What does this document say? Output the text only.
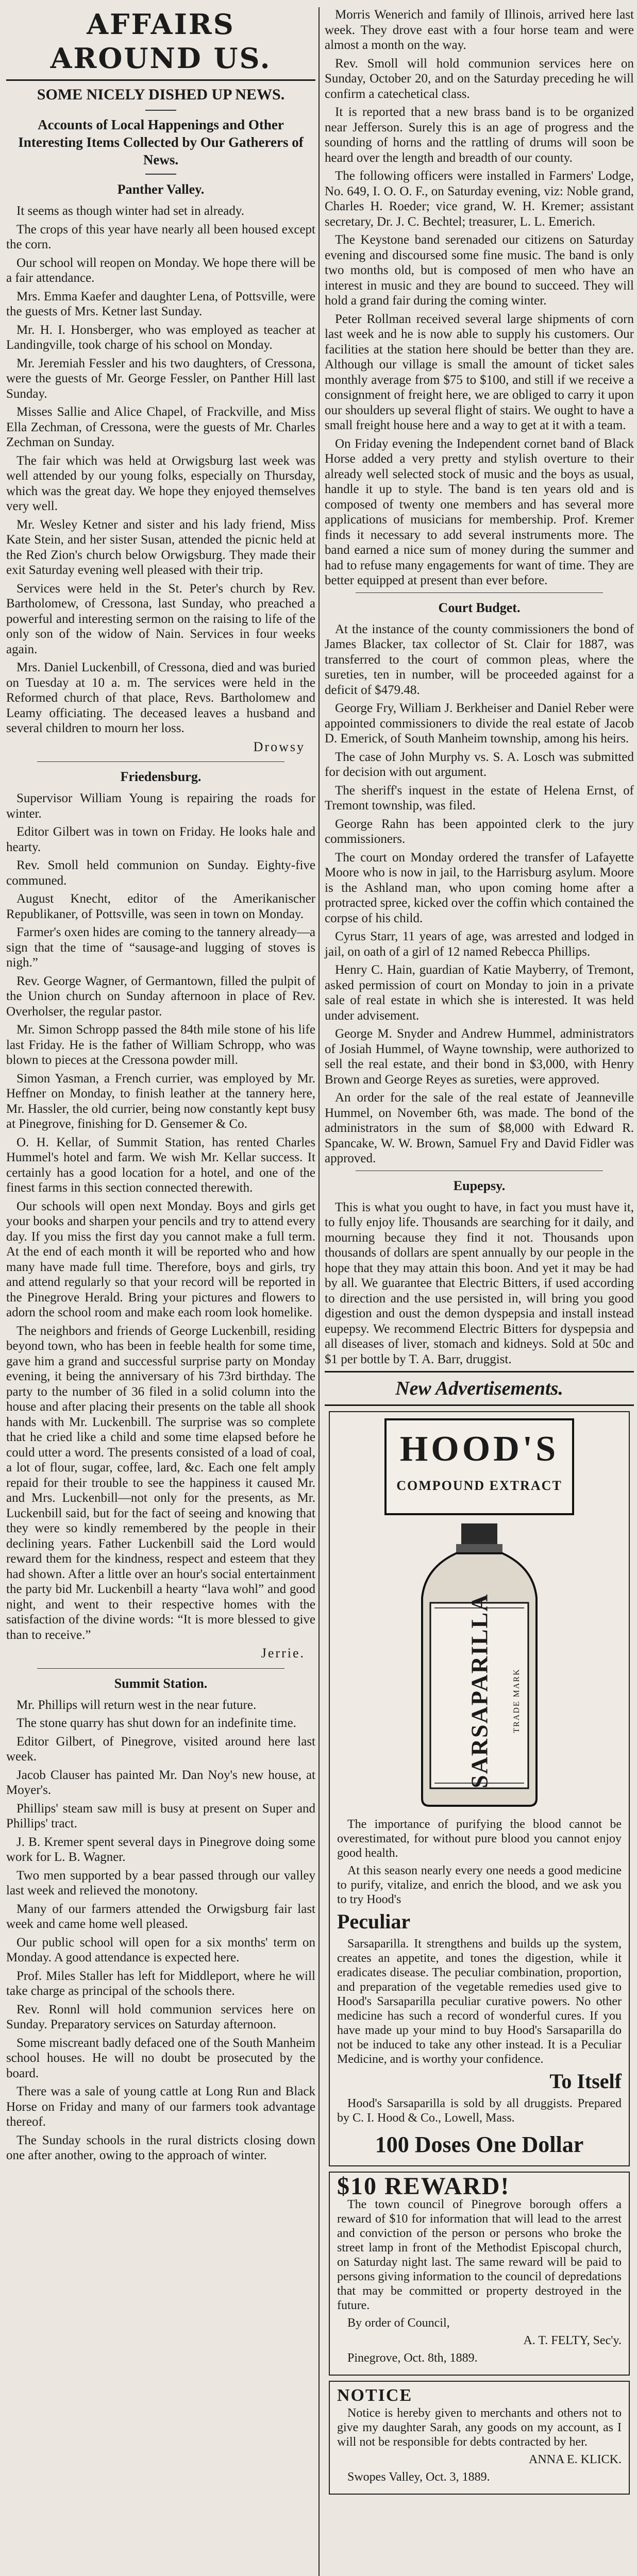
AFFAIRS AROUND US.

SOME NICELY DISHED UP NEWS.

Accounts of Local Happenings and Other Interesting Items Collected by Our Gatherers of News.

Panther Valley.

It seems as though winter had set in already.

The crops of this year have nearly all been housed except the corn.

Our school will reopen on Monday. We hope there will be a fair attendance.

Mrs. Emma Kaefer and daughter Lena, of Pottsville, were the guests of Mrs. Ketner last Sunday.

Mr. H. I. Honsberger, who was employed as teacher at Landingville, took charge of his school on Monday.

Mr. Jeremiah Fessler and his two daughters, of Cressona, were the guests of Mr. George Fessler, on Panther Hill last Sunday.

Misses Sallie and Alice Chapel, of Frackville, and Miss Ella Zechman, of Cressona, were the guests of Mr. Charles Zechman on Sunday.

The fair which was held at Orwigsburg last week was well attended by our young folks, especially on Thursday, which was the great day. We hope they enjoyed themselves very well.

Mr. Wesley Ketner and sister and his lady friend, Miss Kate Stein, and her sister Susan, attended the picnic held at the Red Zion's church below Orwigsburg. They made their exit Saturday evening well pleased with their trip.

Services were held in the St. Peter's church by Rev. Bartholomew, of Cressona, last Sunday, who preached a powerful and interesting sermon on the raising to life of the only son of the widow of Nain. Services in four weeks again.

Mrs. Daniel Luckenbill, of Cressona, died and was buried on Tuesday at 10 a. m. The services were held in the Reformed church of that place, Revs. Bartholomew and Leamy officiating. The deceased leaves a husband and several children to mourn her loss.

Drowsy

Friedensburg.

Supervisor William Young is repairing the roads for winter.

Editor Gilbert was in town on Friday. He looks hale and hearty.

Rev. Smoll held communion on Sunday. Eighty-five communed.

August Knecht, editor of the Amerikanischer Republikaner, of Pottsville, was seen in town on Monday.

Farmer's oxen hides are coming to the tannery already—a sign that the time of “sausage-and lugging of stoves is nigh.”

Rev. George Wagner, of Germantown, filled the pulpit of the Union church on Sunday afternoon in place of Rev. Overholser, the regular pastor.

Mr. Simon Schropp passed the 84th mile stone of his life last Friday. He is the father of William Schropp, who was blown to pieces at the Cressona powder mill.

Simon Yasman, a French currier, was employed by Mr. Heffner on Monday, to finish leather at the tannery here, Mr. Hassler, the old currier, being now constantly kept busy at Pinegrove, finishing for D. Gensemer & Co.

O. H. Kellar, of Summit Station, has rented Charles Hummel's hotel and farm. We wish Mr. Kellar success. It certainly has a good location for a hotel, and one of the finest farms in this section connected therewith.

Our schools will open next Monday. Boys and girls get your books and sharpen your pencils and try to attend every day. If you miss the first day you cannot make a full term. At the end of each month it will be reported who and how many have made full time. Therefore, boys and girls, try and attend regularly so that your record will be reported in the Pinegrove Herald. Bring your pictures and flowers to adorn the school room and make each room look homelike.

The neighbors and friends of George Luckenbill, residing beyond town, who has been in feeble health for some time, gave him a grand and successful surprise party on Monday evening, it being the anniversary of his 73rd birthday. The party to the number of 36 filed in a solid column into the house and after placing their presents on the table all shook hands with Mr. Luckenbill. The surprise was so complete that he cried like a child and some time elapsed before he could utter a word. The presents consisted of a load of coal, a lot of flour, sugar, coffee, lard, &c. Each one felt amply repaid for their trouble to see the happiness it caused Mr. and Mrs. Luckenbill—not only for the presents, as Mr. Luckenbill said, but for the fact of seeing and knowing that they were so kindly remembered by the people in their declining years. Father Luckenbill said the Lord would reward them for the kindness, respect and esteem that they had shown. After a little over an hour's social entertainment the party bid Mr. Luckenbill a hearty “lava wohl” and good night, and went to their respective homes with the satisfaction of the divine words: “It is more blessed to give than to receive.”

Jerrie.

Summit Station.

Mr. Phillips will return west in the near future.

The stone quarry has shut down for an indefinite time.

Editor Gilbert, of Pinegrove, visited around here last week.

Jacob Clauser has painted Mr. Dan Noy's new house, at Moyer's.

Phillips' steam saw mill is busy at present on Super and Phillips' tract.

J. B. Kremer spent several days in Pinegrove doing some work for L. B. Wagner.

Two men supported by a bear passed through our valley last week and relieved the monotony.

Many of our farmers attended the Orwigsburg fair last week and came home well pleased.

Our public school will open for a six months' term on Monday. A good attendance is expected here.

Prof. Miles Staller has left for Middleport, where he will take charge as principal of the schools there.

Rev. Ronnl will hold communion services here on Sunday. Preparatory services on Saturday afternoon.

Some miscreant badly defaced one of the South Manheim school houses. He will no doubt be prosecuted by the board.

There was a sale of young cattle at Long Run and Black Horse on Friday and many of our farmers took advantage thereof.

The Sunday schools in the rural districts closing down one after another, owing to the approach of winter.

Morris Wenerich and family of Illinois, arrived here last week. They drove east with a four horse team and were almost a month on the way.

Rev. Smoll will hold communion services here on Sunday, October 20, and on the Saturday preceding he will confirm a catechetical class.

It is reported that a new brass band is to be organized near Jefferson. Surely this is an age of progress and the sounding of horns and the rattling of drums will soon be heard over the length and breadth of our county.

The following officers were installed in Farmers' Lodge, No. 649, I. O. O. F., on Saturday evening, viz: Noble grand, Charles H. Roeder; vice grand, W. H. Kremer; assistant secretary, Dr. J. C. Bechtel; treasurer, L. L. Emerich.

The Keystone band serenaded our citizens on Saturday evening and discoursed some fine music. The band is only two months old, but is composed of men who have an interest in music and they are bound to succeed. They will hold a grand fair during the coming winter.

Peter Rollman received several large shipments of corn last week and he is now able to supply his customers. Our facilities at the station here should be better than they are. Although our village is small the amount of ticket sales monthly average from $75 to $100, and still if we receive a consignment of freight here, we are obliged to carry it upon our shoulders up several flight of stairs. We ought to have a small freight house here and a way to get at it with a team.

On Friday evening the Independent cornet band of Black Horse added a very pretty and stylish overture to their already well selected stock of music and the boys as usual, handle it up to style. The band is ten years old and is composed of twenty one members and has several more applications of musicians for membership. Prof. Kremer finds it necessary to add several instruments more. The band earned a nice sum of money during the summer and had to refuse many engagements for want of time. They are better equipped at present than ever before.

Court Budget.

At the instance of the county commissioners the bond of James Blacker, tax collector of St. Clair for 1887, was transferred to the court of common pleas, where the sureties, ten in number, will be proceeded against for a deficit of $479.48.

George Fry, William J. Berkheiser and Daniel Reber were appointed commissioners to divide the real estate of Jacob D. Emerick, of South Manheim township, among his heirs.

The case of John Murphy vs. S. A. Losch was submitted for decision with out argument.

The sheriff's inquest in the estate of Helena Ernst, of Tremont township, was filed.

George Rahn has been appointed clerk to the jury commissioners.

The court on Monday ordered the transfer of Lafayette Moore who is now in jail, to the Harrisburg asylum. Moore is the Ashland man, who upon coming home after a protracted spree, kicked over the coffin which contained the corpse of his child.

Cyrus Starr, 11 years of age, was arrested and lodged in jail, on oath of a girl of 12 named Rebecca Phillips.

Henry C. Hain, guardian of Katie Mayberry, of Tremont, asked permission of court on Monday to join in a private sale of real estate in which she is interested. It was held under advisement.

George M. Snyder and Andrew Hummel, administrators of Josiah Hummel, of Wayne township, were authorized to sell the real estate, and their bond in $3,000, with Henry Brown and George Reyes as sureties, were approved.

An order for the sale of the real estate of Jeanneville Hummel, on November 6th, was made. The bond of the administrators in the sum of $8,000 with Edward R. Spancake, W. W. Brown, Samuel Fry and David Fidler was approved.

Eupepsy.

This is what you ought to have, in fact you must have it, to fully enjoy life. Thousands are searching for it daily, and mourning because they find it not. Thousands upon thousands of dollars are spent annually by our people in the hope that they may attain this boon. And yet it may be had by all. We guarantee that Electric Bitters, if used according to direction and the use persisted in, will bring you good digestion and oust the demon dyspepsia and install instead eupepsy. We recommend Electric Bitters for dyspepsia and all diseases of liver, stomach and kidneys. Sold at 50c and $1 per bottle by T. A. Barr, druggist.

New Advertisements.

HOOD'S
COMPOUND EXTRACT
SARSAPARILLA TRADE MARK

The importance of purifying the blood cannot be overestimated, for without pure blood you cannot enjoy good health.

At this season nearly every one needs a good medicine to purify, vitalize, and enrich the blood, and we ask you to try Hood's

Peculiar

Sarsaparilla. It strengthens and builds up the system, creates an appetite, and tones the digestion, while it eradicates disease. The peculiar combination, proportion, and preparation of the vegetable remedies used give to Hood's Sarsaparilla peculiar curative powers. No other medicine has such a record of wonderful cures. If you have made up your mind to buy Hood's Sarsaparilla do not be induced to take any other instead. It is a Peculiar Medicine, and is worthy your confidence.

To Itself

Hood's Sarsaparilla is sold by all druggists. Prepared by C. I. Hood & Co., Lowell, Mass.

100 Doses One Dollar

$10 REWARD!

The town council of Pinegrove borough offers a reward of $10 for information that will lead to the arrest and conviction of the person or persons who broke the street lamp in front of the Methodist Episcopal church, on Saturday night last. The same reward will be paid to persons giving information to the council of depredations that may be committed or property destroyed in the future.

By order of Council,

A. T. FELTY, Sec'y.

Pinegrove, Oct. 8th, 1889.

NOTICE

Notice is hereby given to merchants and others not to give my daughter Sarah, any goods on my account, as I will not be responsible for debts contracted by her.

ANNA E. KLICK.

Swopes Valley, Oct. 3, 1889.
